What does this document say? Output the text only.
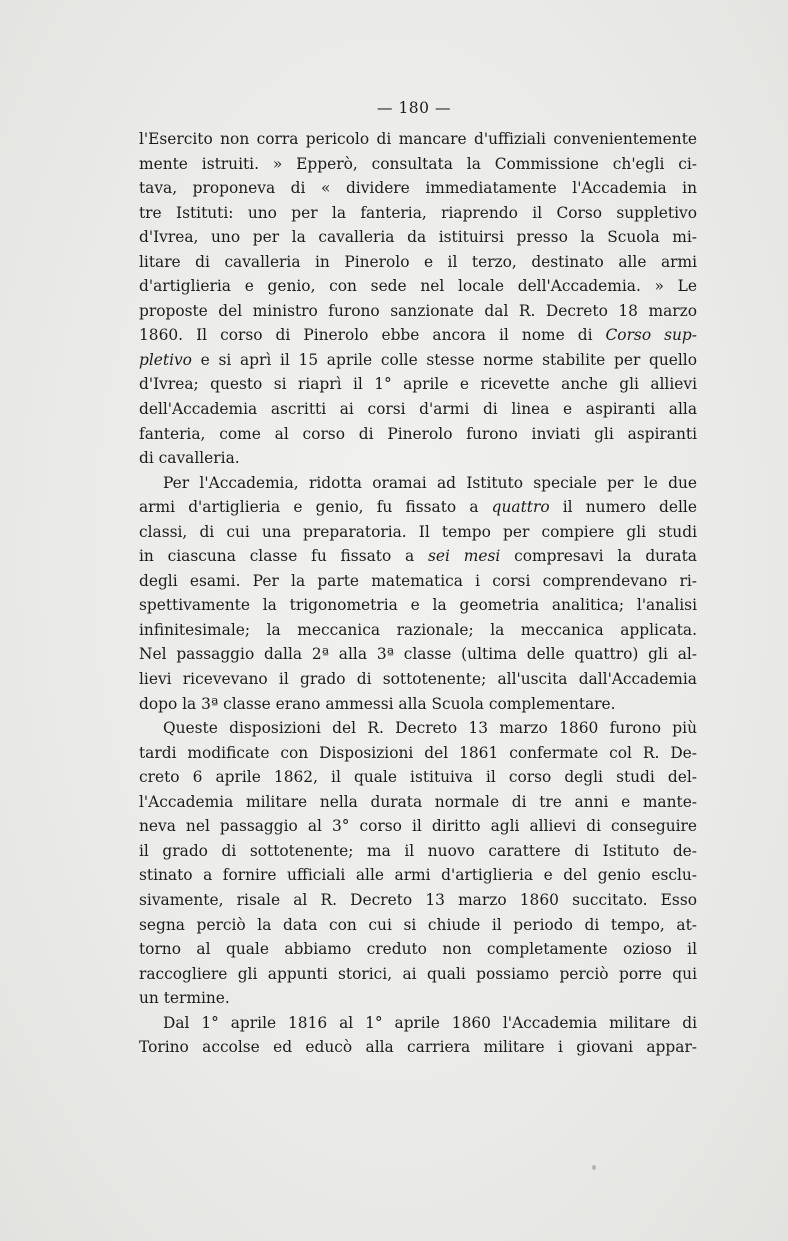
— 180 —
l'Esercito non corra pericolo di mancare d'uffiziali convenientemente
mente istruiti. » Epperò, consultata la Commissione ch'egli ci-
tava, proponeva di « dividere immediatamente l'Accademia in
tre Istituti: uno per la fanteria, riaprendo il Corso suppletivo
d'Ivrea, uno per la cavalleria da istituirsi presso la Scuola mi-
litare di cavalleria in Pinerolo e il terzo, destinato alle armi
d'artiglieria e genio, con sede nel locale dell'Accademia. » Le
proposte del ministro furono sanzionate dal R. Decreto 18 marzo
1860. Il corso di Pinerolo ebbe ancora il nome di Corso sup-
pletivo e si aprì il 15 aprile colle stesse norme stabilite per quello
d'Ivrea; questo si riaprì il 1° aprile e ricevette anche gli allievi
dell'Accademia ascritti ai corsi d'armi di linea e aspiranti alla
fanteria, come al corso di Pinerolo furono inviati gli aspiranti
di cavalleria.
Per l'Accademia, ridotta oramai ad Istituto speciale per le due
armi d'artiglieria e genio, fu fissato a quattro il numero delle
classi, di cui una preparatoria. Il tempo per compiere gli studi
in ciascuna classe fu fissato a sei mesi compresavi la durata
degli esami. Per la parte matematica i corsi comprendevano ri-
spettivamente la trigonometria e la geometria analitica; l'analisi
infinitesimale; la meccanica razionale; la meccanica applicata.
Nel passaggio dalla 2ª alla 3ª classe (ultima delle quattro) gli al-
lievi ricevevano il grado di sottotenente; all'uscita dall'Accademia
dopo la 3ª classe erano ammessi alla Scuola complementare.
Queste disposizioni del R. Decreto 13 marzo 1860 furono più
tardi modificate con Disposizioni del 1861 confermate col R. De-
creto 6 aprile 1862, il quale istituiva il corso degli studi del-
l'Accademia militare nella durata normale di tre anni e mante-
neva nel passaggio al 3° corso il diritto agli allievi di conseguire
il grado di sottotenente; ma il nuovo carattere di Istituto de-
stinato a fornire ufficiali alle armi d'artiglieria e del genio esclu-
sivamente, risale al R. Decreto 13 marzo 1860 succitato. Esso
segna perciò la data con cui si chiude il periodo di tempo, at-
torno al quale abbiamo creduto non completamente ozioso il
raccogliere gli appunti storici, ai quali possiamo perciò porre qui
un termine.
Dal 1° aprile 1816 al 1° aprile 1860 l'Accademia militare di
Torino accolse ed educò alla carriera militare i giovani appar-
